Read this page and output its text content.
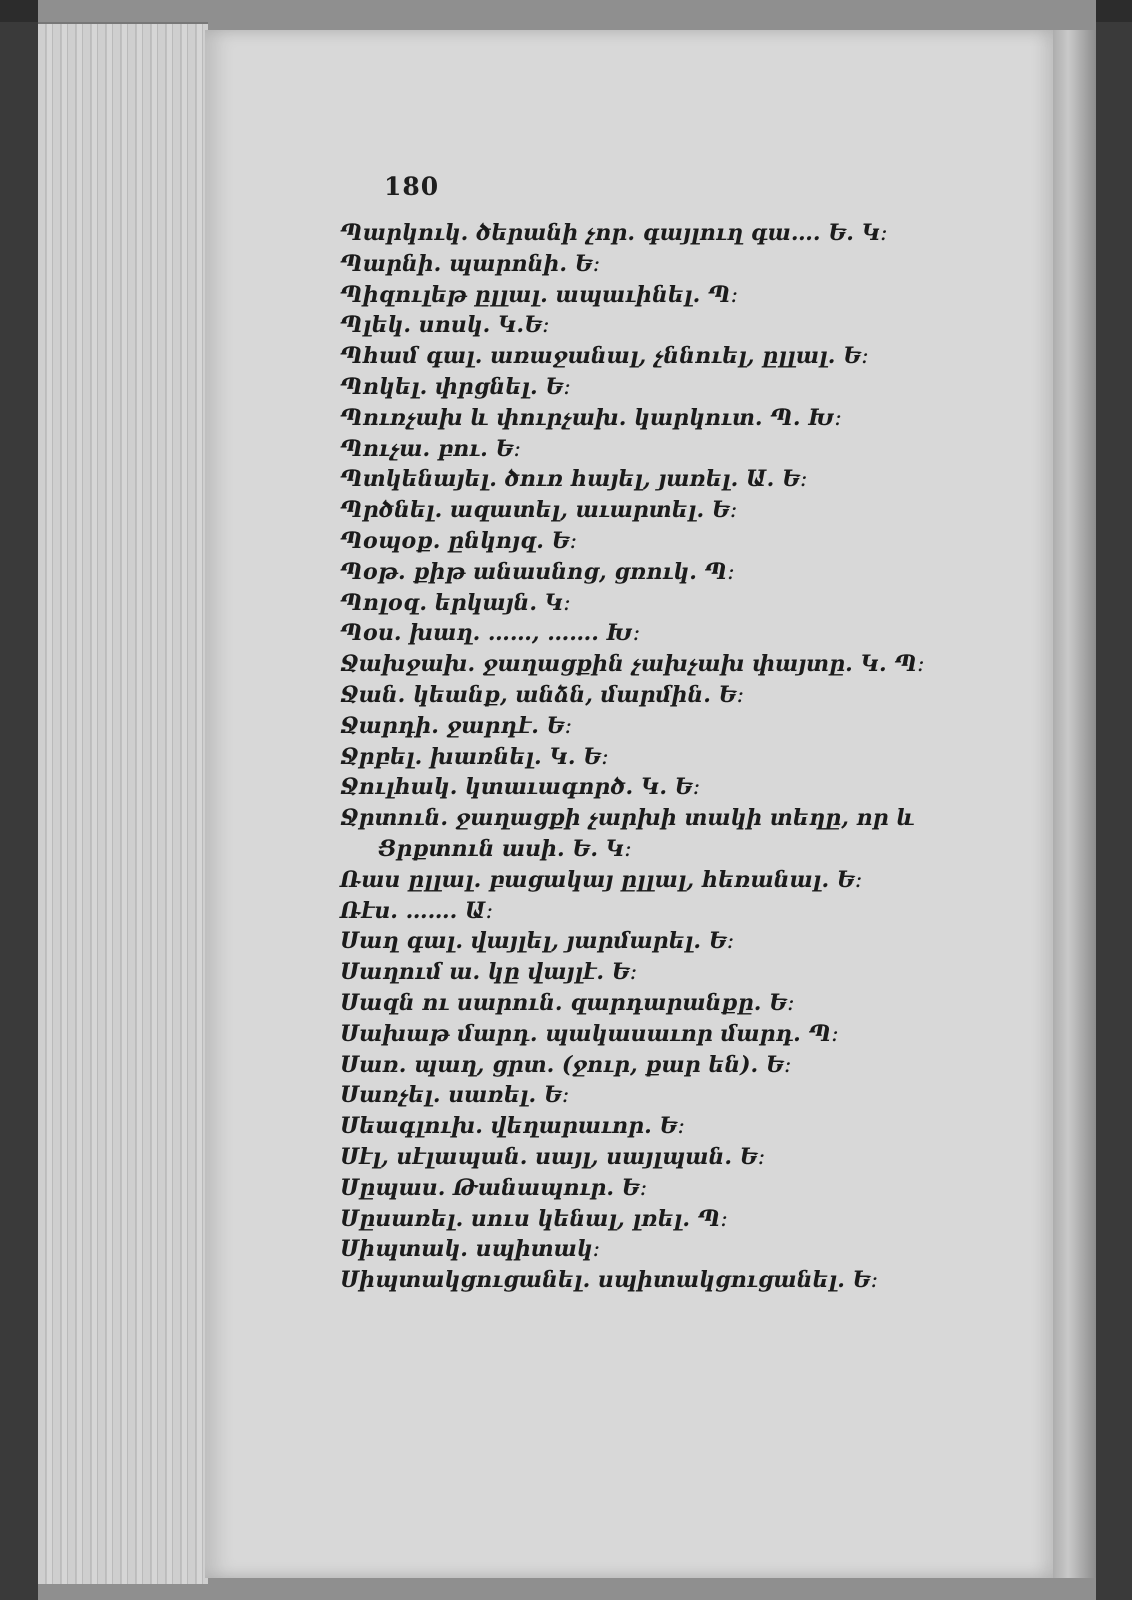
180
Պարկուկ․ ծերանի չոր․ գայլուղ գա…․ Ե․ Կ։
Պարնի․ պարոնի․ Ե։
Պիզուլեթ ըլլալ․ ապաւինել․ Պ։
Պլեկ․ սոսկ․ Կ․Ե։
Պհամ գալ․ առաջանալ, չննուել, ըլլալ․ Ե։
Պոկել․ փրցնել․ Ե։
Պուռչախ և փուրչախ․ կարկուտ․ Պ․ Խ։
Պուչա․ բու․ Ե։
Պտկենայել․ ծուռ հայել, յառել․ Ա․ Ե։
Պրծնել․ ազատել, աւարտել․ Ե։
Պօպօք․ ընկոյզ․ Ե։
Պօթ․ քիթ անասնոց, ցռուկ․ Պ։
Պոլօզ․ երկայն․ Կ։
Պօս․ խաղ․ ……, ……․ Խ։
Ջախջախ․ ջաղացքին չախչախ փայտը․ Կ․ Պ։
Ջան․ կեանք, անձն, մարմին․ Ե։
Ջարդի․ ջարդէ․ Ե։
Ջրբել․ խառնել․ Կ․ Ե։
Ջուլհակ․ կտաւագործ․ Կ․ Ե։
Ջրտուն․ ջաղացքի չարխի տակի տեղը, որ և
Ցրքտուն ասի․ Ե․ Կ։
Ռաս ըլլալ․ բացակայ ըլլալ, հեռանալ․ Ե։
Ռէս․ ……․ Ա։
Սաղ գալ․ վայլել, յարմարել․ Ե։
Սաղում ա․ կը վայլէ․ Ե։
Սազն ու սարուն․ զարդարանքը․ Ե։
Սախաթ մարդ․ պակասաւոր մարդ․ Պ։
Սառ․ պաղ, ցրտ․ (ջուր, քար են)․ Ե։
Սառչել․ սառել․ Ե։
Սեագլուխ․ վեղարաւոր․ Ե։
Սէլ, սէլապան․ սայլ, սայլպան․ Ե։
Սըպաս․ Թանապուր․ Ե։
Սըսառել․ սուս կենալ, լռել․ Պ։
Սիպտակ․ սպիտակ։
Սիպտակցուցանել․ սպիտակցուցանել․ Ե։
